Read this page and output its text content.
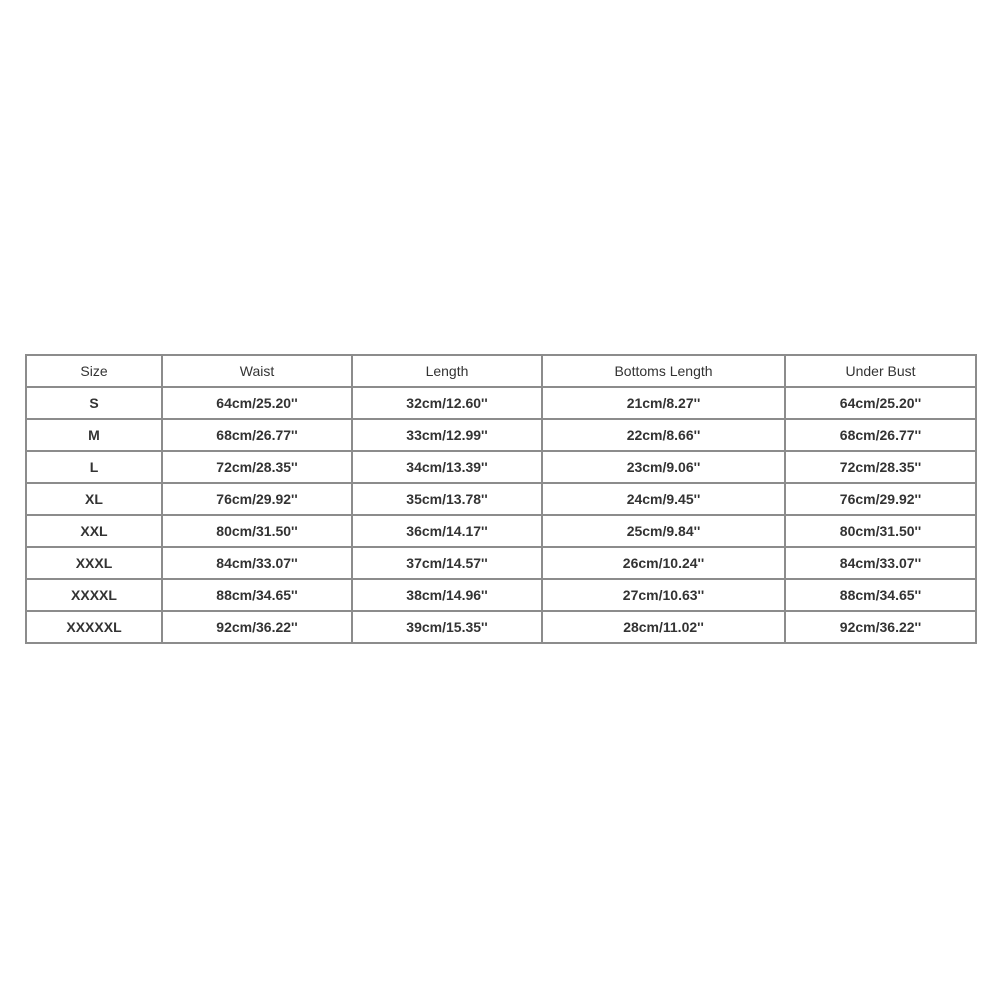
Size	Waist	Length	Bottoms Length	Under Bust
S	64cm/25.20''	32cm/12.60''	21cm/8.27''	64cm/25.20''
M	68cm/26.77''	33cm/12.99''	22cm/8.66''	68cm/26.77''
L	72cm/28.35''	34cm/13.39''	23cm/9.06''	72cm/28.35''
XL	76cm/29.92''	35cm/13.78''	24cm/9.45''	76cm/29.92''
XXL	80cm/31.50''	36cm/14.17''	25cm/9.84''	80cm/31.50''
XXXL	84cm/33.07''	37cm/14.57''	26cm/10.24''	84cm/33.07''
XXXXL	88cm/34.65''	38cm/14.96''	27cm/10.63''	88cm/34.65''
XXXXXL	92cm/36.22''	39cm/15.35''	28cm/11.02''	92cm/36.22''
